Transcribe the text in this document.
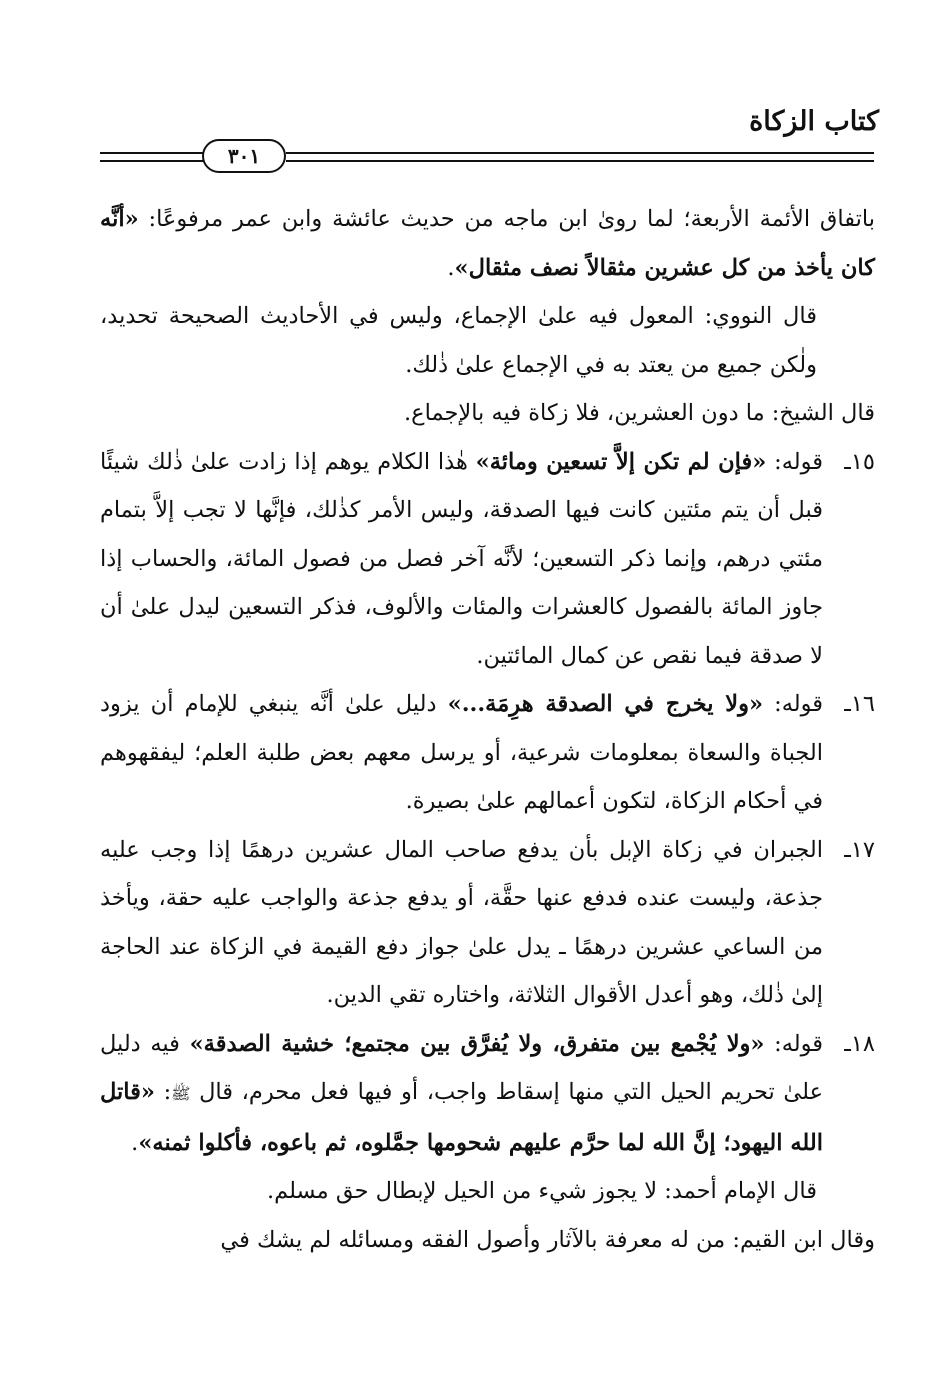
كتاب الزكاة
٣٠١

باتفاق الأئمة الأربعة؛ لما روىٰ ابن ماجه من حديث عائشة وابن عمر مرفوعًا: «أنَّه كان يأخذ من كل عشرين مثقالاً نصف مثقال».

قال النووي: المعول فيه علىٰ الإجماع، وليس في الأحاديث الصحيحة تحديد، ولٰكن جميع من يعتد به في الإجماع علىٰ ذٰلك.

قال الشيخ: ما دون العشرين، فلا زكاة فيه بالإجماع.

١٥ـ
قوله: «فإن لم تكن إلاَّ تسعين ومائة» هٰذا الكلام يوهم إذا زادت علىٰ ذٰلك شيئًا قبل أن يتم مئتين كانت فيها الصدقة، وليس الأمر كذٰلك، فإنَّها لا تجب إلاَّ بتمام مئتي درهم، وإنما ذكر التسعين؛ لأنَّه آخر فصل من فصول المائة، والحساب إذا جاوز المائة بالفصول كالعشرات والمئات والألوف، فذكر التسعين ليدل علىٰ أن لا صدقة فيما نقص عن كمال المائتين.

١٦ـ
قوله: «ولا يخرج في الصدقة هرِمَة...» دليل علىٰ أنَّه ينبغي للإمام أن يزود الجباة والسعاة بمعلومات شرعية، أو يرسل معهم بعض طلبة العلم؛ ليفقهوهم في أحكام الزكاة، لتكون أعمالهم علىٰ بصيرة.

١٧ـ
الجبران في زكاة الإبل بأن يدفع صاحب المال عشرين درهمًا إذا وجب عليه جذعة، وليست عنده فدفع عنها حقَّة، أو يدفع جذعة والواجب عليه حقة، ويأخذ من الساعي عشرين درهمًا ـ يدل علىٰ جواز دفع القيمة في الزكاة عند الحاجة إلىٰ ذٰلك، وهو أعدل الأقوال الثلاثة، واختاره تقي الدين.

١٨ـ
قوله: «ولا يُجْمع بين متفرق، ولا يُفرَّق بين مجتمع؛ خشية الصدقة» فيه دليل علىٰ تحريم الحيل التي منها إسقاط واجب، أو فيها فعل محرم، قال ﷺ: «قاتل الله اليهود؛ إنَّ الله لما حرَّم عليهم شحومها جمَّلوه، ثم باعوه، فأكلوا ثمنه».

قال الإمام أحمد: لا يجوز شيء من الحيل لإبطال حق مسلم.

وقال ابن القيم: من له معرفة بالآثار وأصول الفقه ومسائله لم يشك في
